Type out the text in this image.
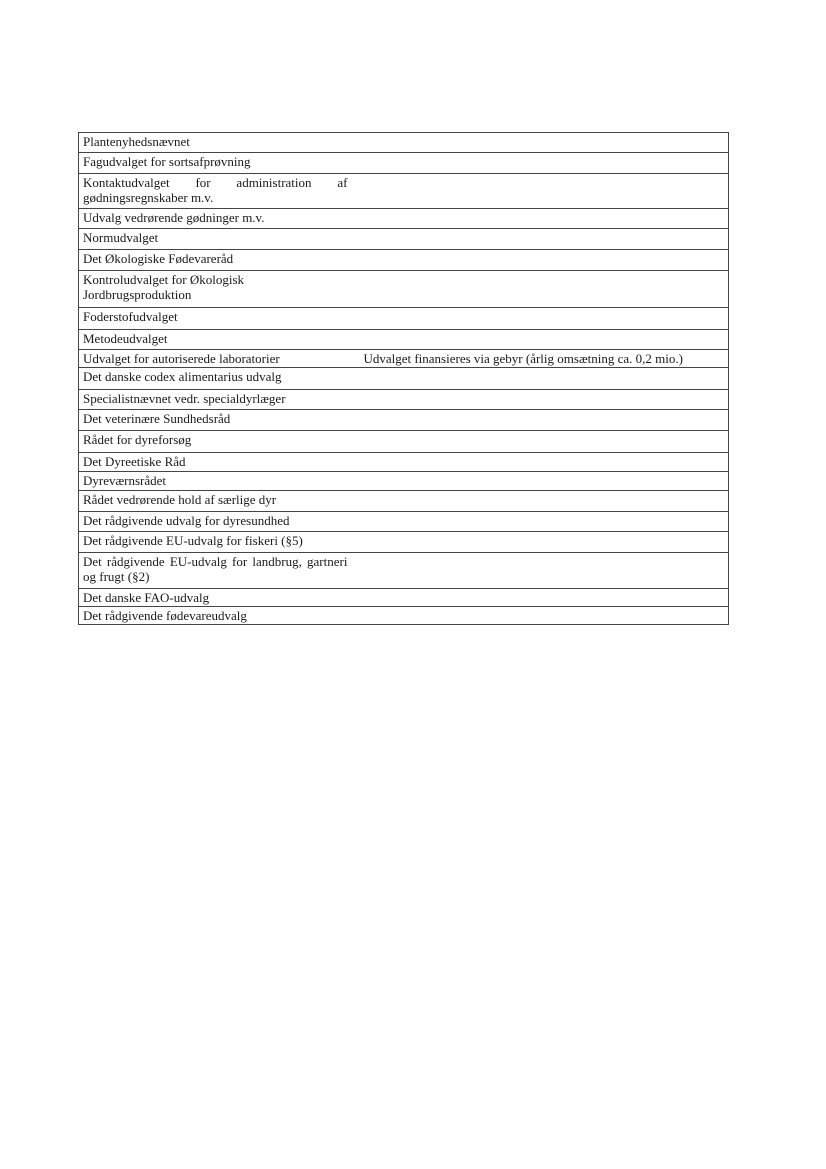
Plantenyhedsnævnet	
Fagudvalget for sortsafprøvning	
Kontaktudvalget for administration af gødningsregnskaber m.v.	
Udvalg vedrørende gødninger m.v.	
Normudvalget	
Det Økologiske Fødevareråd	
Kontroludvalget for Økologisk Jordbrugsproduktion	
Foderstofudvalget	
Metodeudvalget	
Udvalget for autoriserede laboratorier	Udvalget finansieres via gebyr (årlig omsætning ca. 0,2 mio.)
Det danske codex alimentarius udvalg	
Specialistnævnet vedr. specialdyrlæger	
Det veterinære Sundhedsråd	
Rådet for dyreforsøg	
Det Dyreetiske Råd	
Dyreværnsrådet	
Rådet vedrørende hold af særlige dyr	
Det rådgivende udvalg for dyresundhed	
Det rådgivende EU-udvalg for fiskeri (§5)	
Det rådgivende EU-udvalg for landbrug, gartneri og frugt (§2)	
Det danske FAO-udvalg	
Det rådgivende fødevareudvalg	
